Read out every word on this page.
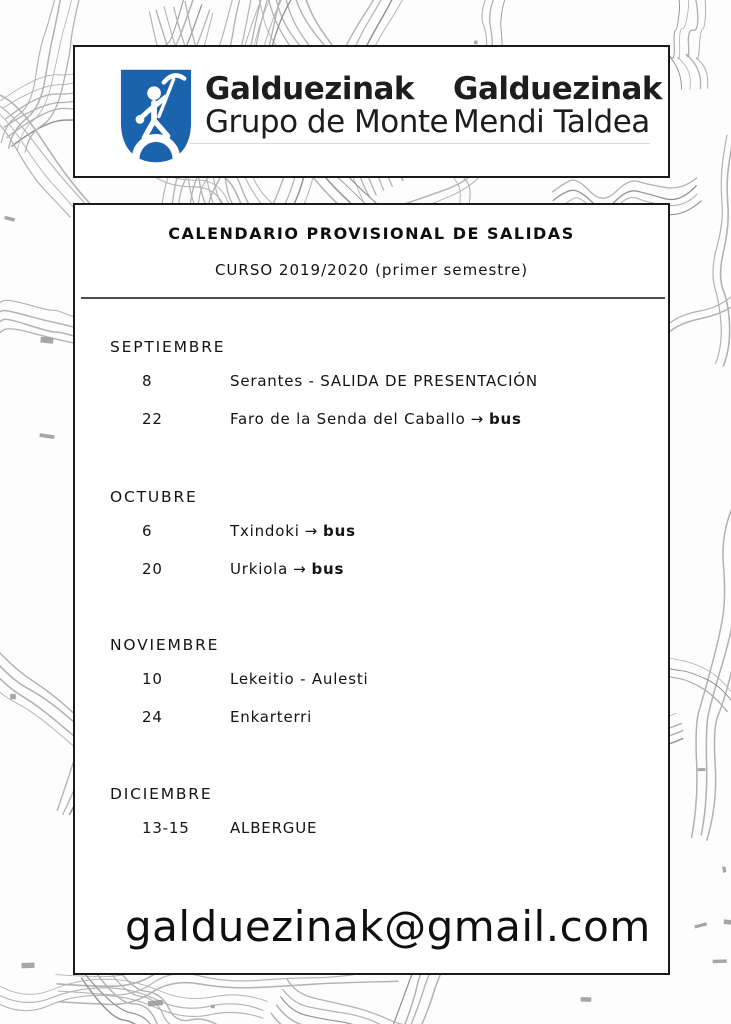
Galduezinak
Grupo de Monte
Galduezinak
Mendi Taldea
CALENDARIO PROVISIONAL DE SALIDAS
CURSO 2019/2020 (primer semestre)
SEPTIEMBRE
8	Serantes - SALIDA DE PRESENTACIÓN
22	Faro de la Senda del Caballo → bus
OCTUBRE
6	Txindoki → bus
20	Urkiola → bus
NOVIEMBRE
10	Lekeitio - Aulesti
24	Enkarterri
DICIEMBRE
13-15	ALBERGUE
galduezinak@gmail.com
